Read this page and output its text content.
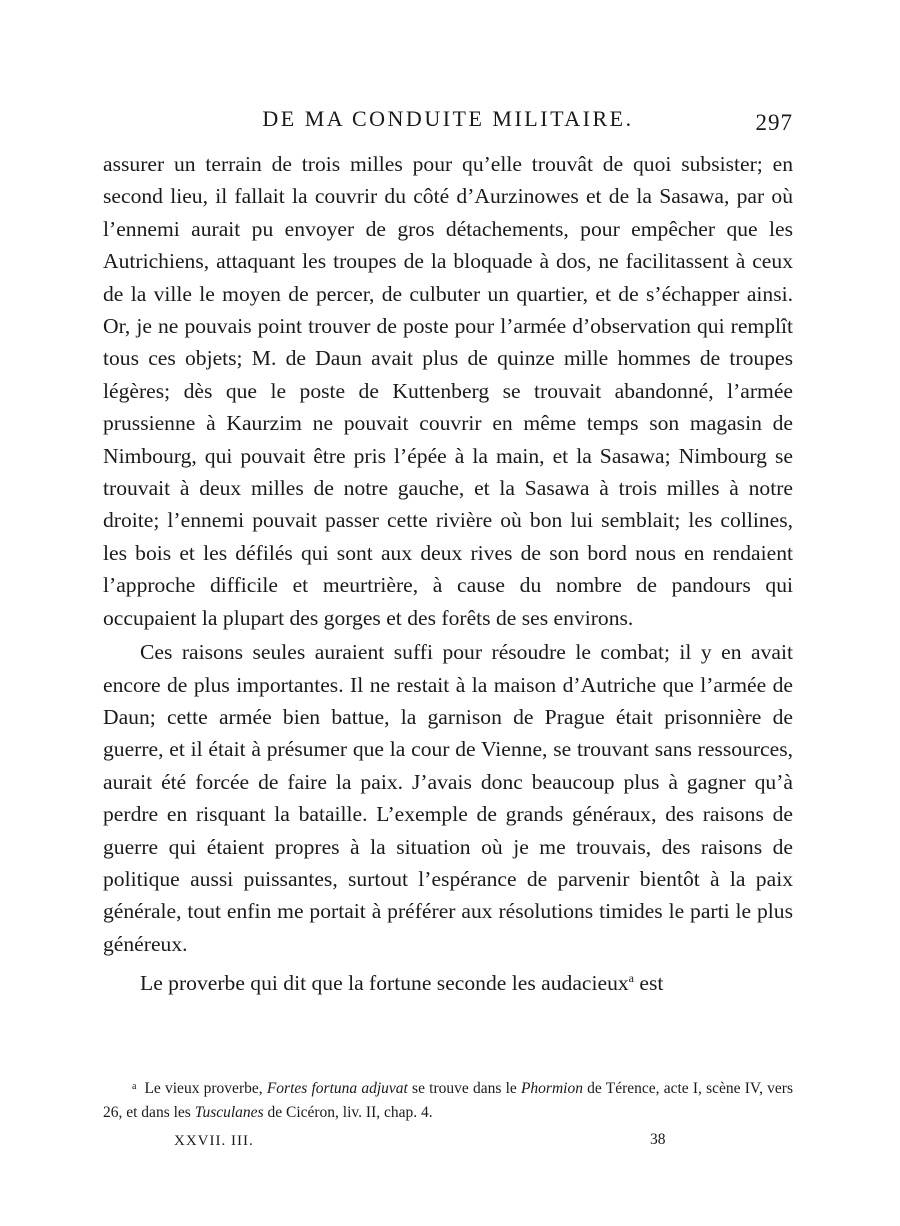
DE MA CONDUITE MILITAIRE.	297

assurer un terrain de trois milles pour qu’elle trouvât de quoi subsister; en second lieu, il fallait la couvrir du côté d’Aurzinowes et de la Sasawa, par où l’ennemi aurait pu envoyer de gros détachements, pour empêcher que les Autrichiens, attaquant les troupes de la bloquade à dos, ne facilitassent à ceux de la ville le moyen de percer, de culbuter un quartier, et de s’échapper ainsi. Or, je ne pouvais point trouver de poste pour l’armée d’observation qui remplît tous ces objets; M. de Daun avait plus de quinze mille hommes de troupes légères; dès que le poste de Kuttenberg se trouvait abandonné, l’armée prussienne à Kaurzim ne pouvait couvrir en même temps son magasin de Nimbourg, qui pouvait être pris l’épée à la main, et la Sasawa; Nimbourg se trouvait à deux milles de notre gauche, et la Sasawa à trois milles à notre droite; l’ennemi pouvait passer cette rivière où bon lui semblait; les collines, les bois et les défilés qui sont aux deux rives de son bord nous en rendaient l’approche difficile et meurtrière, à cause du nombre de pandours qui occupaient la plupart des gorges et des forêts de ses environs.

Ces raisons seules auraient suffi pour résoudre le combat; il y en avait encore de plus importantes. Il ne restait à la maison d’Autriche que l’armée de Daun; cette armée bien battue, la garnison de Prague était prisonnière de guerre, et il était à présumer que la cour de Vienne, se trouvant sans ressources, aurait été forcée de faire la paix. J’avais donc beaucoup plus à gagner qu’à perdre en risquant la bataille. L’exemple de grands généraux, des raisons de guerre qui étaient propres à la situation où je me trouvais, des raisons de politique aussi puissantes, surtout l’espérance de parvenir bientôt à la paix générale, tout enfin me portait à préférer aux résolutions timides le parti le plus généreux.

Le proverbe qui dit que la fortune seconde les audacieux$^a$ est

$^a$ Le vieux proverbe, Fortes fortuna adjuvat se trouve dans le Phormion de Térence, acte I, scène IV, vers 26, et dans les Tusculanes de Cicéron, liv. II, chap. 4.
XXVII. III.	38
